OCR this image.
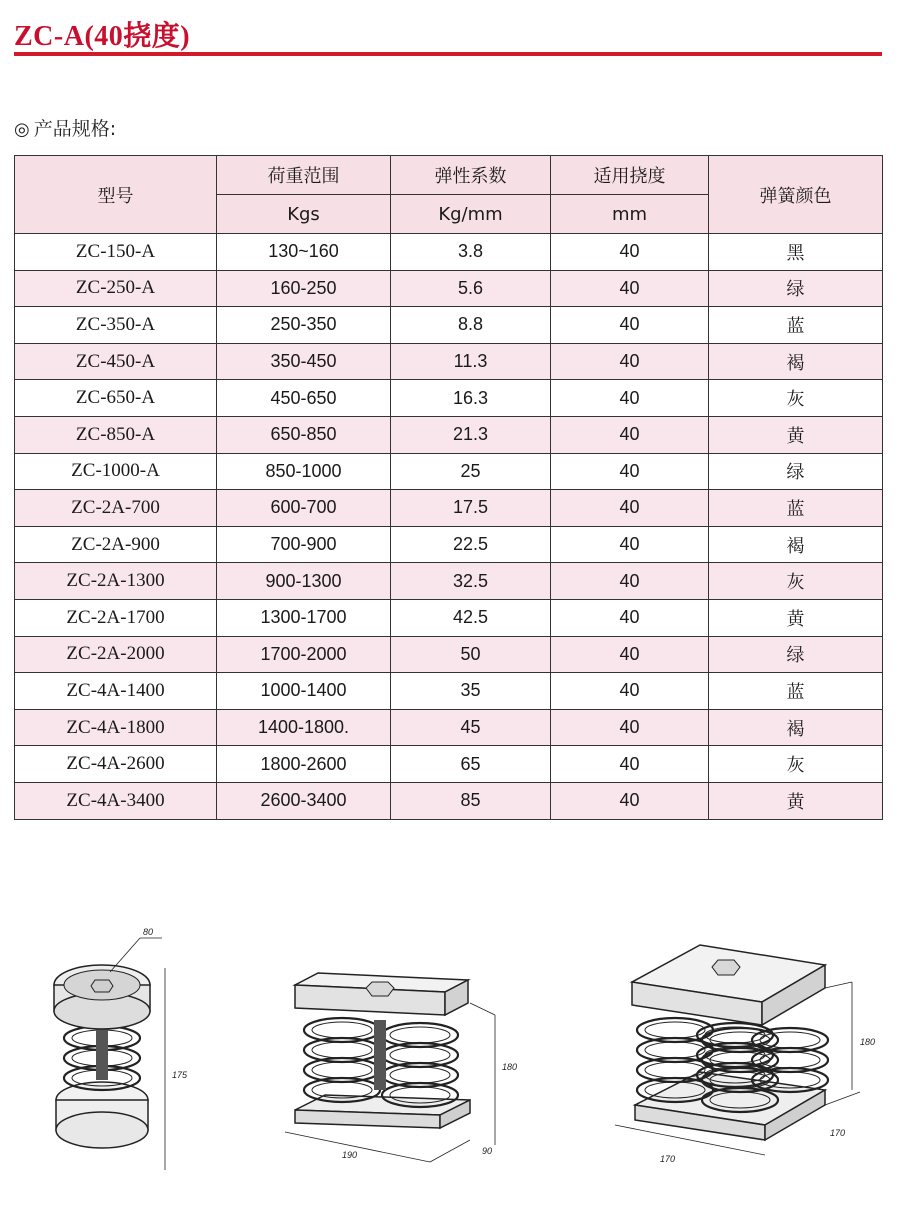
ZC-A(40挠度)
◎ 产品规格:
型号	荷重范围	弹性系数	适用挠度	弹簧颜色
	Kgs	Kg/mm	mm	
ZC-150-A	130~160	3.8	40	黑
ZC-250-A	160-250	5.6	40	绿
ZC-350-A	250-350	8.8	40	蓝
ZC-450-A	350-450	11.3	40	褐
ZC-650-A	450-650	16.3	40	灰
ZC-850-A	650-850	21.3	40	黄
ZC-1000-A	850-1000	25	40	绿
ZC-2A-700	600-700	17.5	40	蓝
ZC-2A-900	700-900	22.5	40	褐
ZC-2A-1300	900-1300	32.5	40	灰
ZC-2A-1700	1300-1700	42.5	40	黄
ZC-2A-2000	1700-2000	50	40	绿
ZC-4A-1400	1000-1400	35	40	蓝
ZC-4A-1800	1400-1800.	45	40	褐
ZC-4A-2600	1800-2600	65	40	灰
ZC-4A-3400	2600-3400	85	40	黄
80
175
180
190	90
180
170
170
